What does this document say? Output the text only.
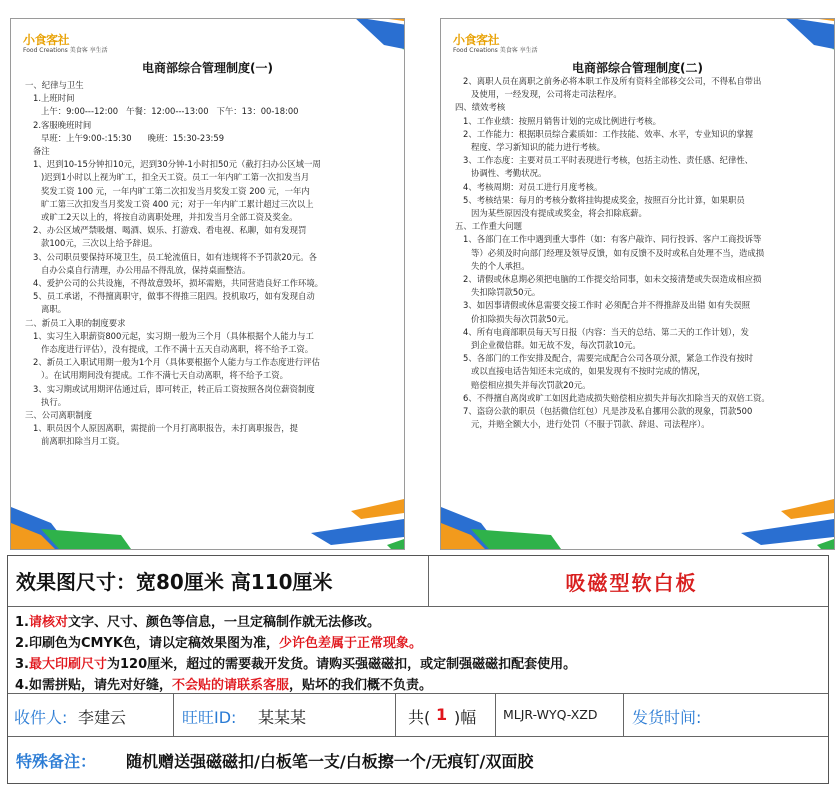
小食客社
Food Creations 美食客 享生活
电商部综合管理制度(一)
一、纪律与卫生
1.上班时间
上午：9:00---12:00   午餐：12:00---13:00   下午：13：00-18:00
2.客服晚班时间
早班：上午9:00-:15:30      晚班：15:30-23:59
备注
1、迟到10-15分钟扣10元，迟到30分钟-1小时扣50元（截打扫办公区域一周
)迟到1小时以上视为旷工，扣全天工资。员工一年内旷工第一次扣发当月
奖发工资 100 元，一年内旷工第二次扣发当月奖发工资 200 元，一年内
旷工第三次扣发当月奖发工资 400 元；对于一年内旷工累计超过三次以上
或旷工2天以上的，将按自动离职处理，并扣发当月全部工资及奖金。
2、办公区域严禁吸烟、喝酒、娱乐、打游戏、看电视、私聊，如有发现罚
款100元，三次以上给予辞退。
3、公司职员要保持环境卫生，员工轮流值日，如有违规将不予罚款20元。各
自办公桌自行清理，办公用品不得乱放，保持桌面整洁。
4、爱护公司的公共设施，不得故意毁坏，损坏需赔，共同营造良好工作环境。
5、员工承诺，不得擅离职守，做事不得推三阻四。投机取巧，如有发现自动
离职。
二、新员工入职的制度要求
1、实习生入职薪资800元起，实习期一般为三个月（具体根据个人能力与工
作态度进行评估），没有提成，工作不满十五天自动离职，将不给予工资。
2、新员工入职试用期一般为1个月（具体要根据个人能力与工作态度进行评估
）。在试用期间没有提成。工作不满七天自动离职，将不给予工资。
3、实习期或试用期评估通过后，即可转正，转正后工资按照各岗位薪资制度
执行。
三、公司离职制度
1、职员因个人原因离职，需提前一个月打离职报告，未打离职报告，提
前离职扣除当月工资。
小食客社
Food Creations 美食客 享生活
电商部综合管理制度(二)
2、离职人员在离职之前务必将本职工作及所有资料全部移交公司，不得私自带出
及使用，一经发现，公司将走司法程序。
四、绩效考核
1、工作业绩：按照月销售计划的完成比例进行考核。
2、工作能力：根据职员综合素质如：工作技能、效率、水平，专业知识的掌握
程度、学习新知识的能力进行考核。
3、工作态度：主要对员工平时表现进行考核，包括主动性、责任感、纪律性、
协调性、考勤状况。
4、考核周期：对员工进行月度考核。
5、考核结果：每月的考核分数将挂钩提成奖金，按照百分比计算，如果职员
因为某些原因没有提成或奖金，将会扣除底薪。
五、工作重大问题
1、各部门在工作中遇到重大事件（如：有客户敲诈、同行投诉、客户工商投诉等
等）必须及时向部门经理及领导反馈，如有反馈不及时或私自处理不当，造成损
失的个人承担。
2、请假或休息期必须把电脑的工作提交给同事，如未交接清楚或失误造成相应损
失扣除罚款50元。
3、如因事请假或休息需要交接工作时 必须配合并不得推辞及出错 如有失误照
价扣除损失每次罚款50元。
4、所有电商部职员每天写日报（内容：当天的总结、第二天的工作计划），发
到企业微信群。如无故不发，每次罚款10元。
5、各部门的工作安排及配合，需要完成配合公司各项分派，紧急工作没有按时
或以直接电话告知还未完成的，如果发现有不按时完成的情况，
赔偿相应损失并每次罚款20元。
6、不得擅自离岗或旷工如因此造成损失赔偿相应损失并每次扣除当天的双倍工资。
7、盗窃公款的职员（包括微信红包）凡是涉及私自挪用公款的现象，罚款500
元，并赔全额大小，进行处罚（不服于罚款、辞退、司法程序）。
效果图尺寸：宽80厘米 高110厘米	吸磁型软白板
1.请核对文字、尺寸、颜色等信息，一旦定稿制作就无法修改。
2.印刷色为CMYK色，请以定稿效果图为准，少许色差属于正常现象。
3.最大印刷尺寸为120厘米，超过的需要裁开发货。请购买强磁磁扣，或定制强磁磁扣配套使用。
4.如需拼贴，请先对好缝，不会贴的请联系客服，贴坏的我们概不负责。
收件人: 李建云	旺旺ID: 某某某	共( 1 )幅 MLJR-WYQ-XZD 发货时间:
特殊备注： 随机赠送强磁磁扣/白板笔一支/白板擦一个/无痕钉/双面胶
